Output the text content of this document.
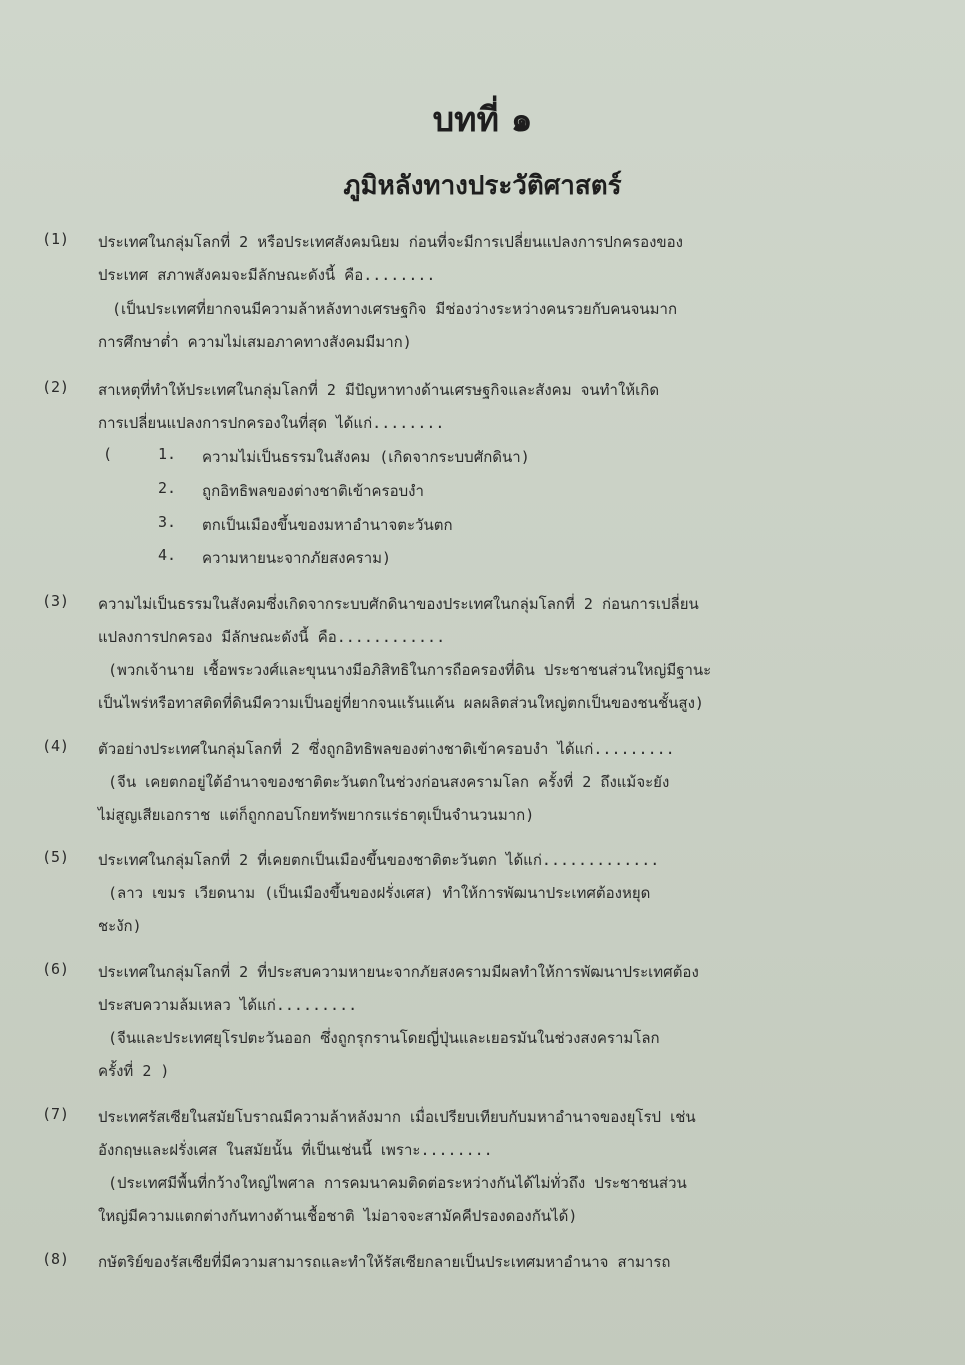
บทที่ ๑
ภูมิหลังทางประวัติศาสตร์
(1) ประเทศในกลุ่มโลกที่ 2 หรือประเทศสังคมนิยม ก่อนที่จะมีการเปลี่ยนแปลงการปกครองของ
ประเทศ สภาพสังคมจะมีลักษณะดังนี้ คือ........
(เป็นประเทศที่ยากจนมีความล้าหลังทางเศรษฐกิจ มีช่องว่างระหว่างคนรวยกับคนจนมาก
การศึกษาต่ำ ความไม่เสมอภาคทางสังคมมีมาก)
(2) สาเหตุที่ทำให้ประเทศในกลุ่มโลกที่ 2 มีปัญหาทางด้านเศรษฐกิจและสังคม จนทำให้เกิด
การเปลี่ยนแปลงการปกครองในที่สุด ได้แก่........
(	1. ความไม่เป็นธรรมในสังคม (เกิดจากระบบศักดินา)
2. ถูกอิทธิพลของต่างชาติเข้าครอบงำ
3. ตกเป็นเมืองขึ้นของมหาอำนาจตะวันตก
4. ความหายนะจากภัยสงคราม)
(3) ความไม่เป็นธรรมในสังคมซึ่งเกิดจากระบบศักดินาของประเทศในกลุ่มโลกที่ 2 ก่อนการเปลี่ยน
แปลงการปกครอง มีลักษณะดังนี้ คือ............
(พวกเจ้านาย เชื้อพระวงศ์และขุนนางมีอภิสิทธิในการถือครองที่ดิน ประชาชนส่วนใหญ่มีฐานะ
เป็นไพร่หรือทาสติดที่ดินมีความเป็นอยู่ที่ยากจนแร้นแค้น ผลผลิตส่วนใหญ่ตกเป็นของชนชั้นสูง)
(4) ตัวอย่างประเทศในกลุ่มโลกที่ 2 ซึ่งถูกอิทธิพลของต่างชาติเข้าครอบงำ ได้แก่.........
(จีน เคยตกอยู่ใต้อำนาจของชาติตะวันตกในช่วงก่อนสงครามโลก ครั้งที่ 2 ถึงแม้จะยัง
ไม่สูญเสียเอกราช แต่ก็ถูกกอบโกยทรัพยากรแร่ธาตุเป็นจำนวนมาก)
(5) ประเทศในกลุ่มโลกที่ 2 ที่เคยตกเป็นเมืองขึ้นของชาติตะวันตก ได้แก่.............
(ลาว เขมร เวียดนาม (เป็นเมืองขึ้นของฝรั่งเศส) ทำให้การพัฒนาประเทศต้องหยุด
ชะงัก)
(6) ประเทศในกลุ่มโลกที่ 2 ที่ประสบความหายนะจากภัยสงครามมีผลทำให้การพัฒนาประเทศต้อง
ประสบความล้มเหลว ได้แก่.........
(จีนและประเทศยุโรปตะวันออก ซึ่งถูกรุกรานโดยญี่ปุ่นและเยอรมันในช่วงสงครามโลก
ครั้งที่ 2 )
(7) ประเทศรัสเซียในสมัยโบราณมีความล้าหลังมาก เมื่อเปรียบเทียบกับมหาอำนาจของยุโรป เช่น
อังกฤษและฝรั่งเศส ในสมัยนั้น ที่เป็นเช่นนี้ เพราะ........
(ประเทศมีพื้นที่กว้างใหญ่ไพศาล การคมนาคมติดต่อระหว่างกันได้ไม่ทั่วถึง ประชาชนส่วน
ใหญ่มีความแตกต่างกันทางด้านเชื้อชาติ ไม่อาจจะสามัคคีปรองดองกันได้)
(8) กษัตริย์ของรัสเซียที่มีความสามารถและทำให้รัสเซียกลายเป็นประเทศมหาอำนาจ สามารถ
